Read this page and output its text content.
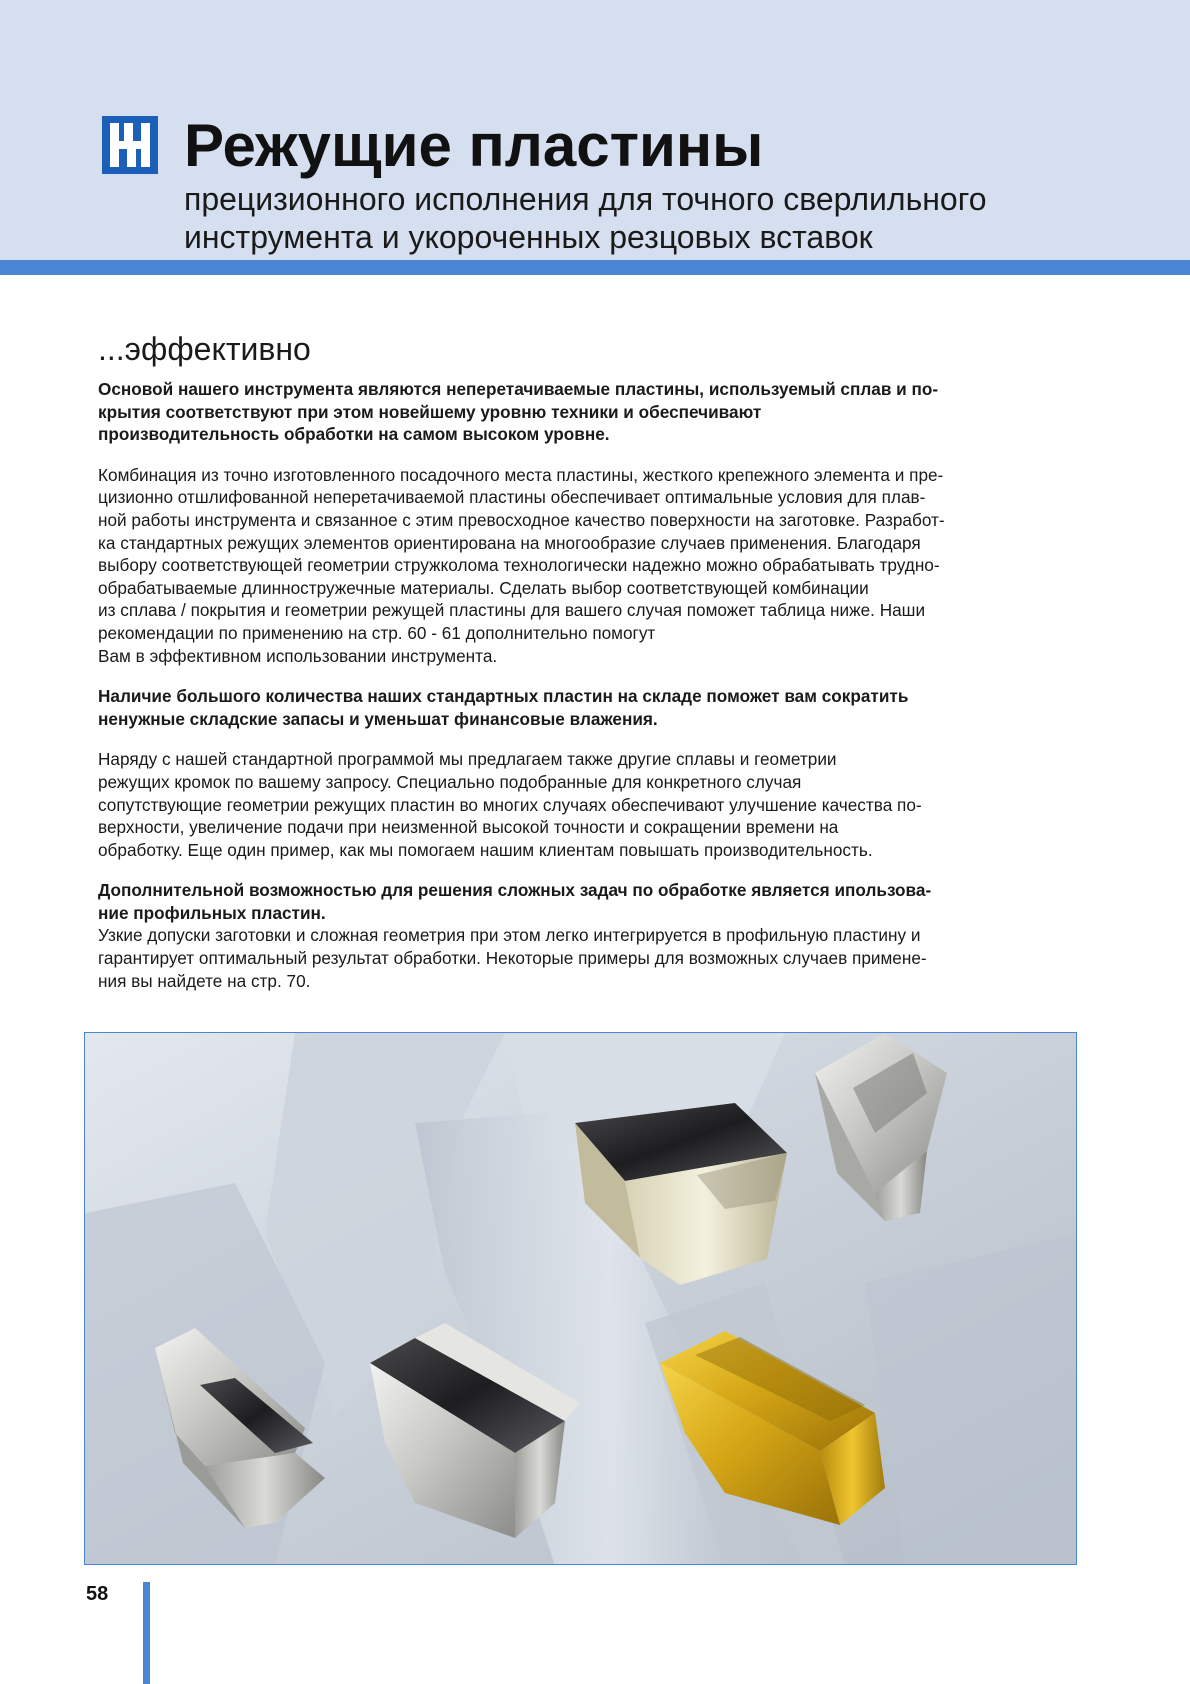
Режущие пластины
прецизионного исполнения для точного сверлильного
инструмента и укороченных резцовых вставок
...эффективно
Основой нашего инструмента являются неперетачиваемые пластины, используемый сплав и по-
крытия соответствуют при этом новейшему уровню техники и обеспечивают
производительность обработки на самом высоком уровне.
Комбинация из точно изготовленного посадочного места пластины, жесткого крепежного элемента и пре-
цизионно отшлифованной неперетачиваемой пластины обеспечивает оптимальные условия для плав-
ной работы инструмента и связанное с этим превосходное качество поверхности на заготовке. Разработ-
ка стандартных режущих элементов ориентирована на многообразие случаев применения. Благодаря
выбору соответствующей геометрии стружколома технологически надежно можно обрабатывать трудно-
обрабатываемые длинностружечные материалы. Сделать выбор соответствующей комбинации
из сплава / покрытия и геометрии режущей пластины для вашего случая поможет таблица ниже. Наши
рекомендации по применению на стр. 60 - 61 дополнительно помогут
Вам в эффективном использовании инструмента.
Наличие большого количества наших стандартных пластин на складе поможет вам сократить
ненужные складские запасы и уменьшат финансовые влажения.
Наряду с нашей стандартной программой мы предлагаем также другие сплавы и геометрии
режущих кромок по вашему запросу. Специально подобранные для конкретного случая
сопутствующие геометрии режущих пластин во многих случаях обеспечивают улучшение качества по-
верхности, увеличение подачи при неизменной высокой точности и сокращении времени на
обработку. Еще один пример, как мы помогаем нашим клиентам повышать производительность.
Дополнительной возможностью для решения сложных задач по обработке является ипользова-
ние профильных пластин.
Узкие допуски заготовки и сложная геометрия при этом легко интегрируется в профильную пластину и
гарантирует оптимальный результат обработки. Некоторые примеры для возможных случаев примене-
ния вы найдете на стр. 70.
58
